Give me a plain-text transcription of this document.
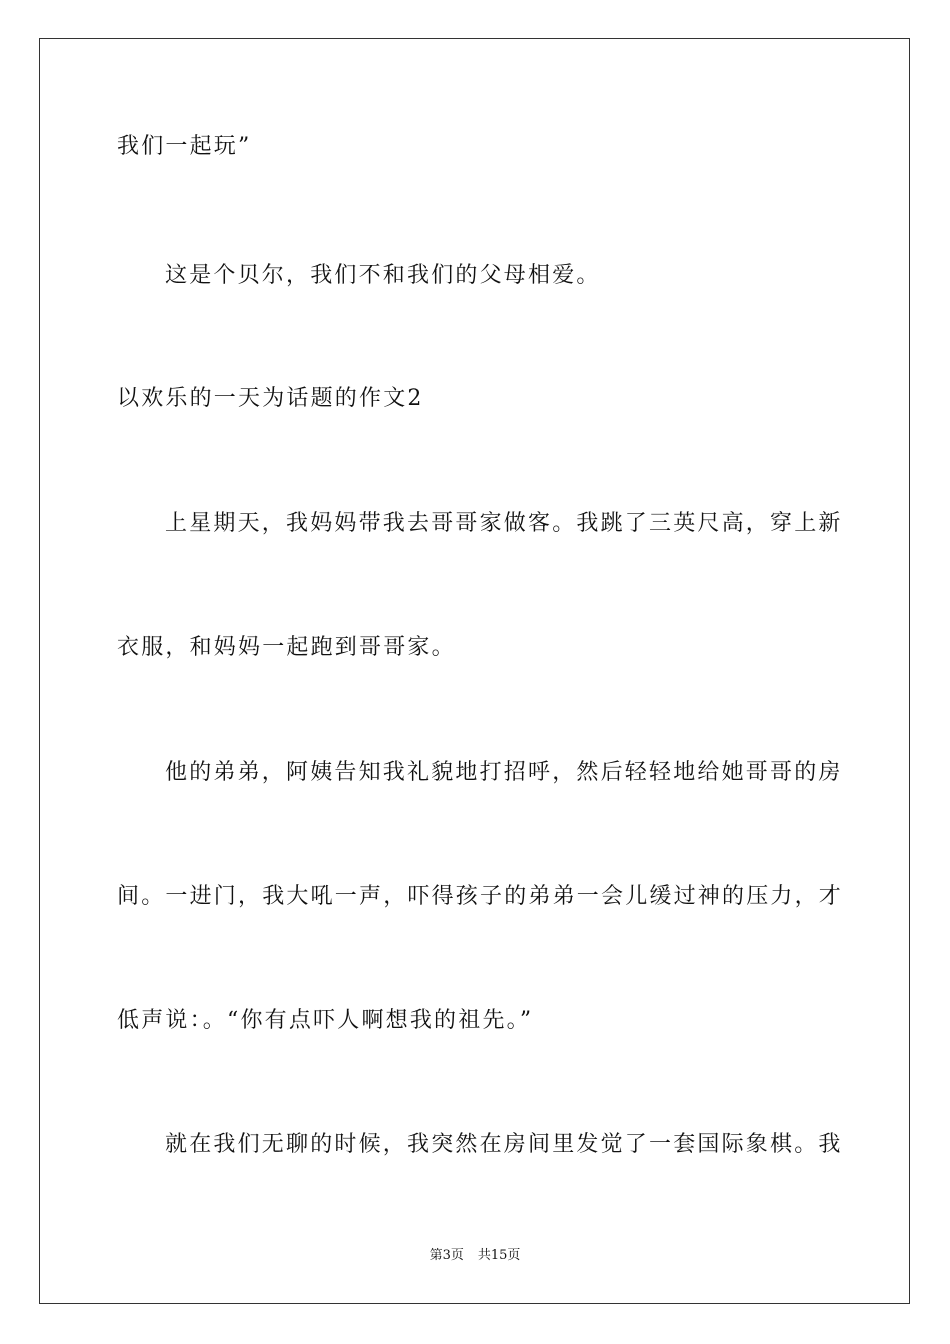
我们一起玩”
这是个贝尔，我们不和我们的父母相爱。
以欢乐的一天为话题的作文2
上星期天，我妈妈带我去哥哥家做客。我跳了三英尺高，穿上新
衣服，和妈妈一起跑到哥哥家。
他的弟弟，阿姨告知我礼貌地打招呼，然后轻轻地给她哥哥的房
间。一进门，我大吼一声，吓得孩子的弟弟一会儿缓过神的压力，才
低声说：。“你有点吓人啊想我的祖先。”
就在我们无聊的时候，我突然在房间里发觉了一套国际象棋。我
第3页 共15页
